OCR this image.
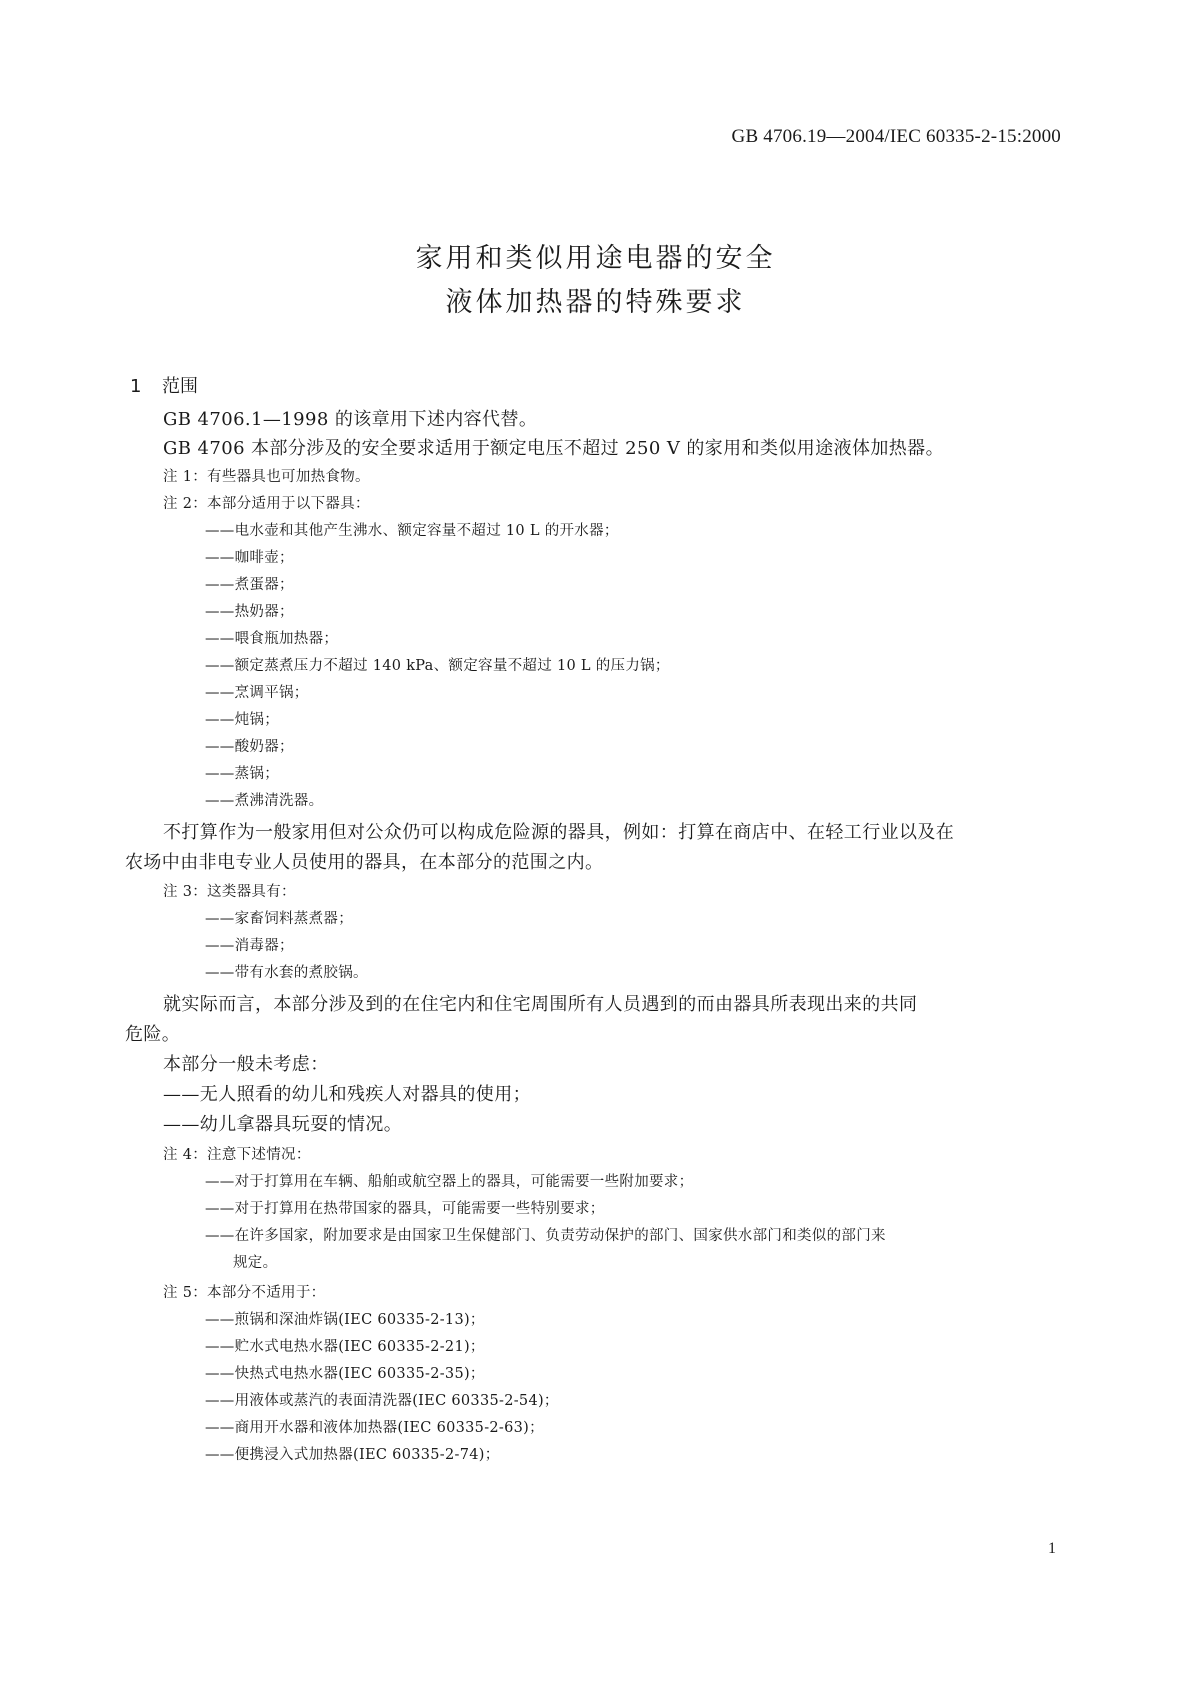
GB 4706.19—2004/IEC 60335-2-15:2000
家用和类似用途电器的安全
液体加热器的特殊要求
1 范围
GB 4706.1—1998 的该章用下述内容代替。
GB 4706 本部分涉及的安全要求适用于额定电压不超过 250 V 的家用和类似用途液体加热器。
注 1：有些器具也可加热食物。
注 2：本部分适用于以下器具：
——电水壶和其他产生沸水、额定容量不超过 10 L 的开水器；
——咖啡壶；
——煮蛋器；
——热奶器；
——喂食瓶加热器；
——额定蒸煮压力不超过 140 kPa、额定容量不超过 10 L 的压力锅；
——烹调平锅；
——炖锅；
——酸奶器；
——蒸锅；
——煮沸清洗器。
不打算作为一般家用但对公众仍可以构成危险源的器具，例如：打算在商店中、在轻工行业以及在
农场中由非电专业人员使用的器具，在本部分的范围之内。
注 3：这类器具有：
——家畜饲料蒸煮器；
——消毒器；
——带有水套的煮胶锅。
就实际而言，本部分涉及到的在住宅内和住宅周围所有人员遇到的而由器具所表现出来的共同
危险。
本部分一般未考虑：
——无人照看的幼儿和残疾人对器具的使用；
——幼儿拿器具玩耍的情况。
注 4：注意下述情况：
——对于打算用在车辆、船舶或航空器上的器具，可能需要一些附加要求；
——对于打算用在热带国家的器具，可能需要一些特别要求；
——在许多国家，附加要求是由国家卫生保健部门、负责劳动保护的部门、国家供水部门和类似的部门来
规定。
注 5：本部分不适用于：
——煎锅和深油炸锅(IEC 60335-2-13)；
——贮水式电热水器(IEC 60335-2-21)；
——快热式电热水器(IEC 60335-2-35)；
——用液体或蒸汽的表面清洗器(IEC 60335-2-54)；
——商用开水器和液体加热器(IEC 60335-2-63)；
——便携浸入式加热器(IEC 60335-2-74)；
1
